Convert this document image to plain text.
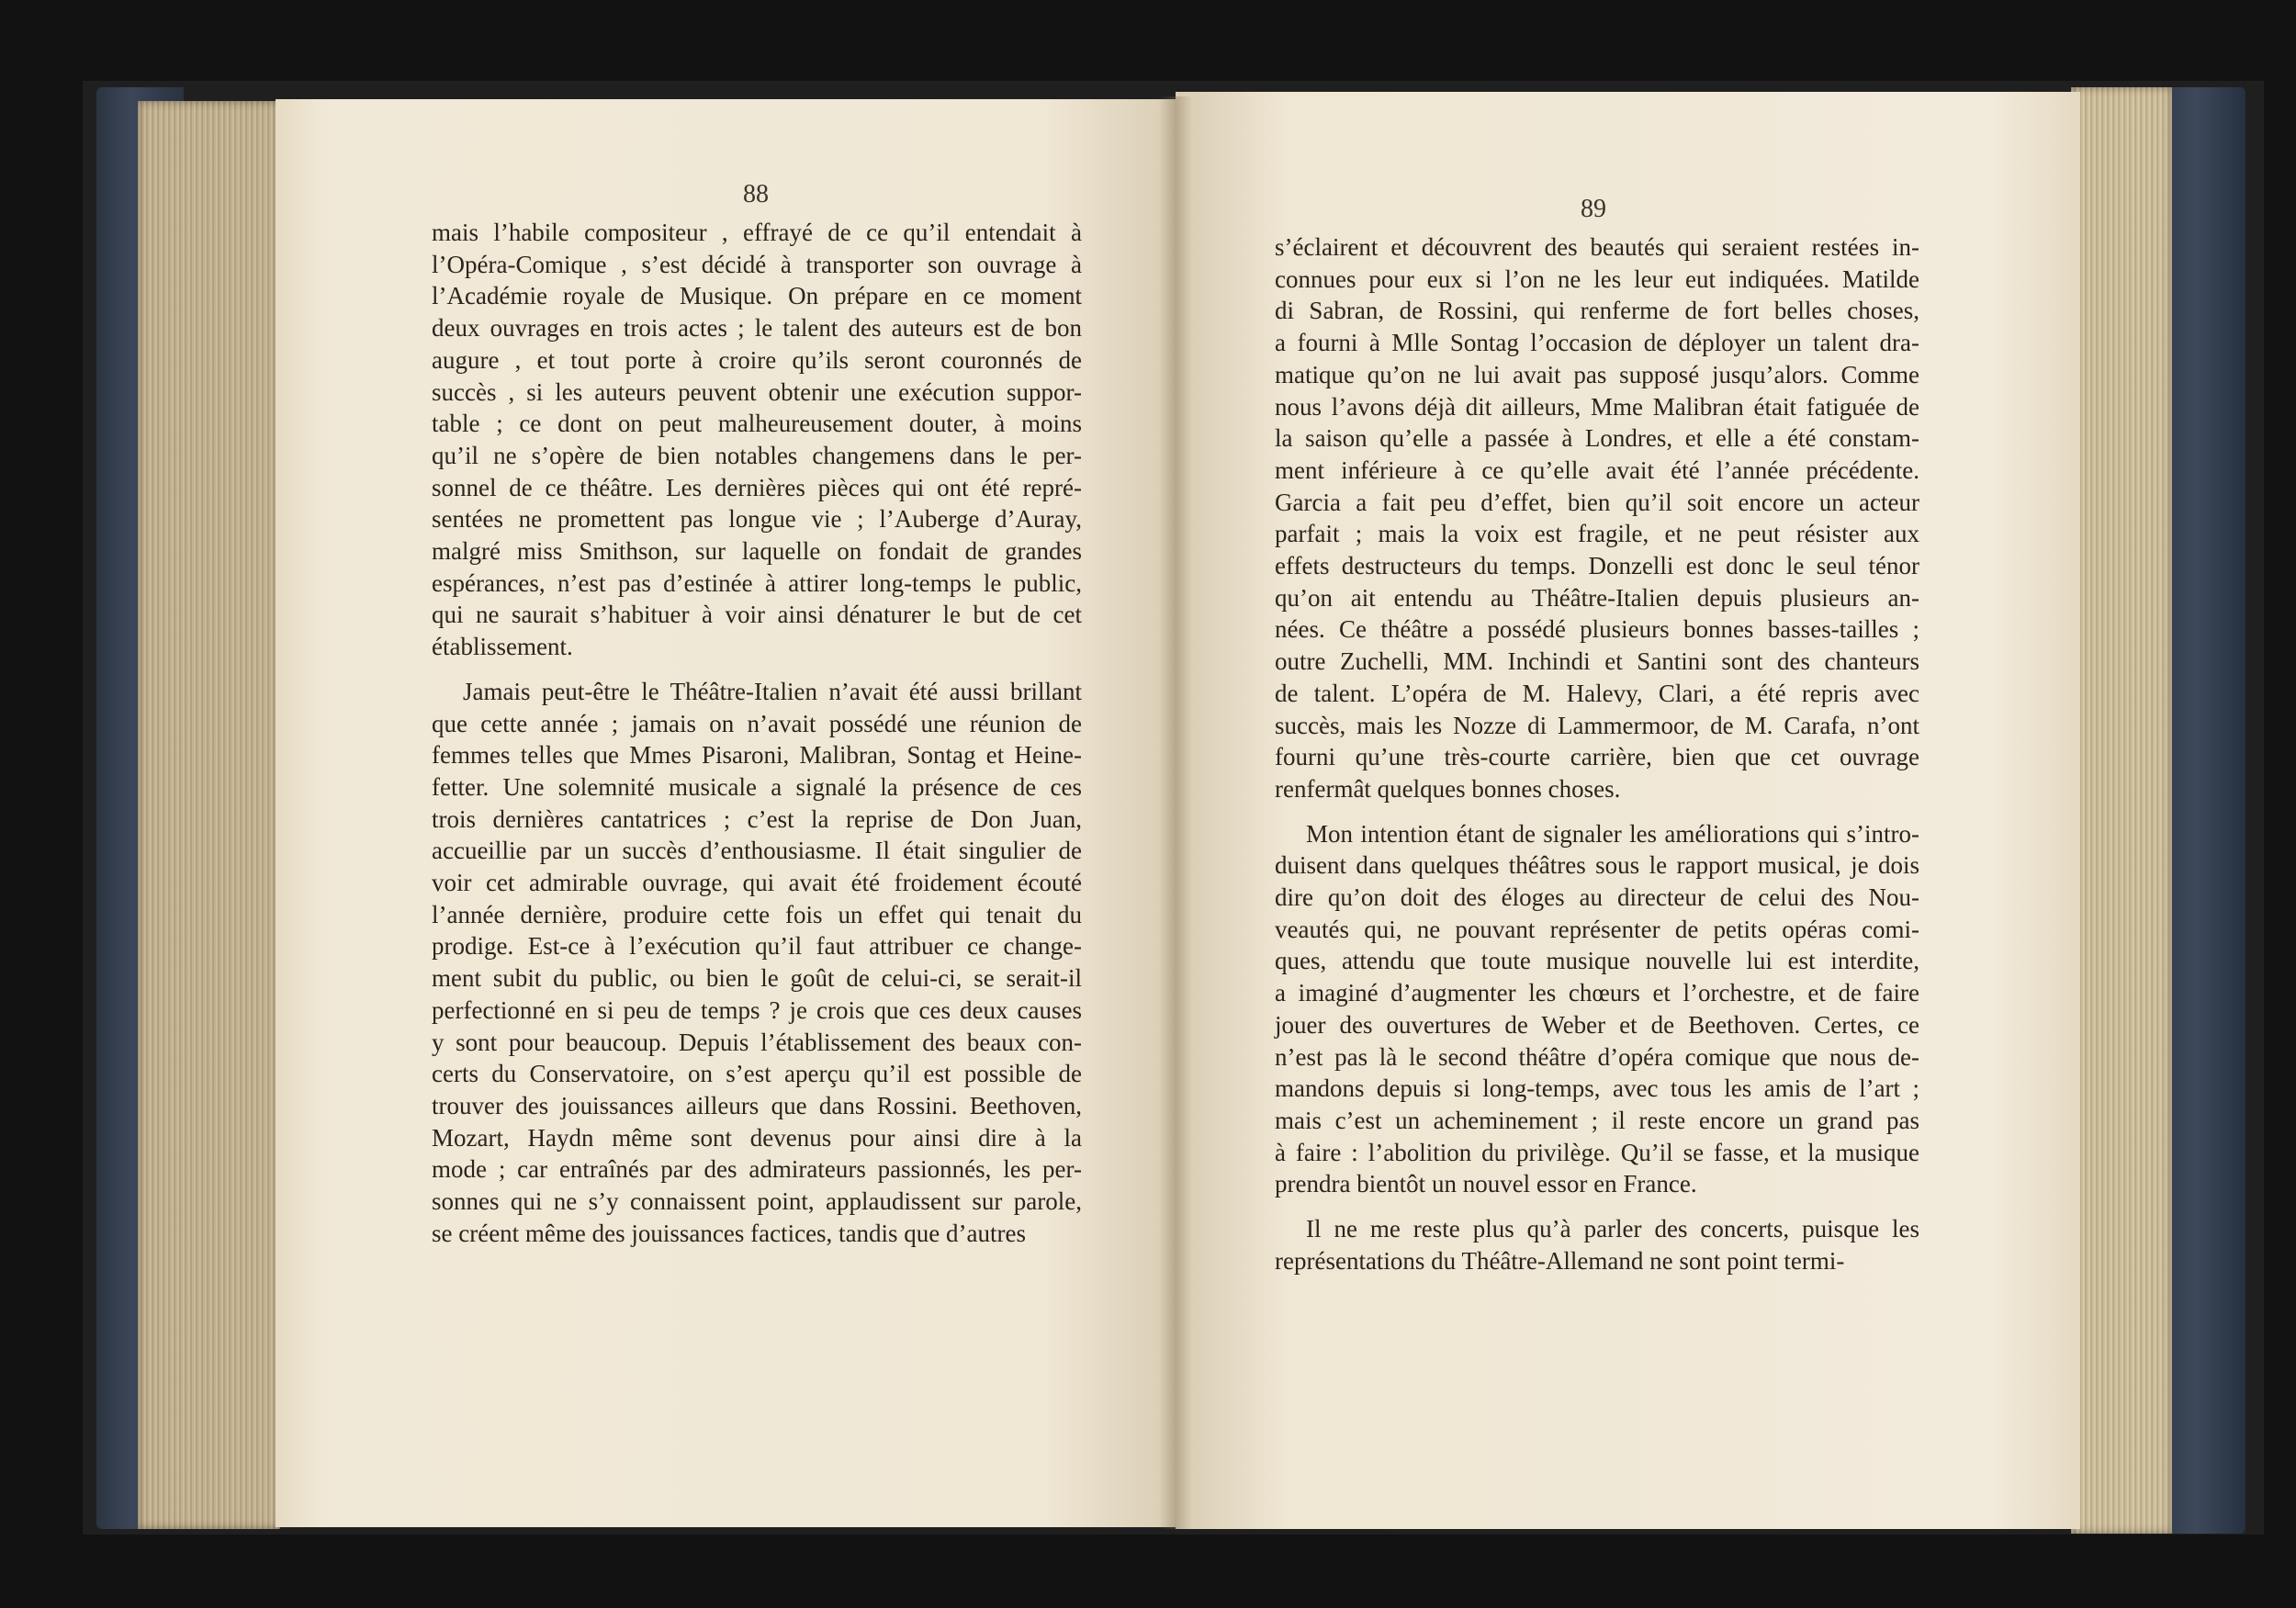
88
89
mais l’habile compositeur , effrayé de ce qu’il entendait à
l’Opéra-Comique , s’est décidé à transporter son ouvrage à
l’Académie royale de Musique. On prépare en ce moment
deux ouvrages en trois actes ; le talent des auteurs est de bon
augure , et tout porte à croire qu’ils seront couronnés de
succès , si les auteurs peuvent obtenir une exécution suppor-
table ; ce dont on peut malheureusement douter, à moins
qu’il ne s’opère de bien notables changemens dans le per-
sonnel de ce théâtre. Les dernières pièces qui ont été repré-
sentées ne promettent pas longue vie ; l’Auberge d’Auray,
malgré miss Smithson, sur laquelle on fondait de grandes
espérances, n’est pas d’estinée à attirer long-temps le public,
qui ne saurait s’habituer à voir ainsi dénaturer le but de cet
établissement.
Jamais peut-être le Théâtre-Italien n’avait été aussi brillant
que cette année ; jamais on n’avait possédé une réunion de
femmes telles que Mmes Pisaroni, Malibran, Sontag et Heine-
fetter. Une solemnité musicale a signalé la présence de ces
trois dernières cantatrices ; c’est la reprise de Don Juan,
accueillie par un succès d’enthousiasme. Il était singulier de
voir cet admirable ouvrage, qui avait été froidement écouté
l’année dernière, produire cette fois un effet qui tenait du
prodige. Est-ce à l’exécution qu’il faut attribuer ce change-
ment subit du public, ou bien le goût de celui-ci, se serait-il
perfectionné en si peu de temps ? je crois que ces deux causes
y sont pour beaucoup. Depuis l’établissement des beaux con-
certs du Conservatoire, on s’est aperçu qu’il est possible de
trouver des jouissances ailleurs que dans Rossini. Beethoven,
Mozart, Haydn même sont devenus pour ainsi dire à la
mode ; car entraînés par des admirateurs passionnés, les per-
sonnes qui ne s’y connaissent point, applaudissent sur parole,
se créent même des jouissances factices, tandis que d’autres
s’éclairent et découvrent des beautés qui seraient restées in-
connues pour eux si l’on ne les leur eut indiquées. Matilde
di Sabran, de Rossini, qui renferme de fort belles choses,
a fourni à Mlle Sontag l’occasion de déployer un talent dra-
matique qu’on ne lui avait pas supposé jusqu’alors. Comme
nous l’avons déjà dit ailleurs, Mme Malibran était fatiguée de
la saison qu’elle a passée à Londres, et elle a été constam-
ment inférieure à ce qu’elle avait été l’année précédente.
Garcia a fait peu d’effet, bien qu’il soit encore un acteur
parfait ; mais la voix est fragile, et ne peut résister aux
effets destructeurs du temps. Donzelli est donc le seul ténor
qu’on ait entendu au Théâtre-Italien depuis plusieurs an-
nées. Ce théâtre a possédé plusieurs bonnes basses-tailles ;
outre Zuchelli, MM. Inchindi et Santini sont des chanteurs
de talent. L’opéra de M. Halevy, Clari, a été repris avec
succès, mais les Nozze di Lammermoor, de M. Carafa, n’ont
fourni qu’une très-courte carrière, bien que cet ouvrage
renfermât quelques bonnes choses.
Mon intention étant de signaler les améliorations qui s’intro-
duisent dans quelques théâtres sous le rapport musical, je dois
dire qu’on doit des éloges au directeur de celui des Nou-
veautés qui, ne pouvant représenter de petits opéras comi-
ques, attendu que toute musique nouvelle lui est interdite,
a imaginé d’augmenter les chœurs et l’orchestre, et de faire
jouer des ouvertures de Weber et de Beethoven. Certes, ce
n’est pas là le second théâtre d’opéra comique que nous de-
mandons depuis si long-temps, avec tous les amis de l’art ;
mais c’est un acheminement ; il reste encore un grand pas
à faire : l’abolition du privilège. Qu’il se fasse, et la musique
prendra bientôt un nouvel essor en France.
Il ne me reste plus qu’à parler des concerts, puisque les
représentations du Théâtre-Allemand ne sont point termi-
